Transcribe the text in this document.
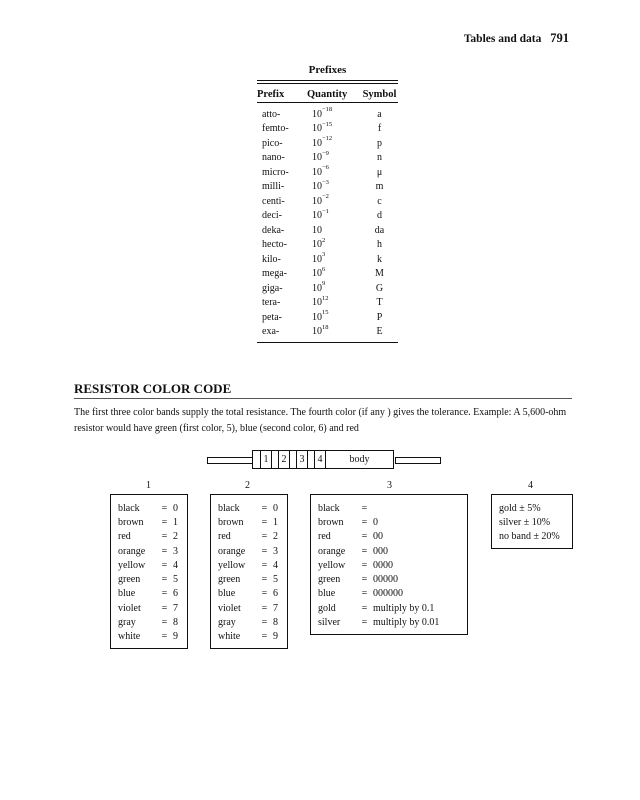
Tables and data 791
Prefixes
Prefix	Quantity	Symbol
atto-	$10^{-18}$	a
femto-	$10^{-15}$	f
pico-	$10^{-12}$	p
nano-	$10^{-9}$	n
micro-	$10^{-6}$	μ
milli-	$10^{-3}$	m
centi-	$10^{-2}$	c
deci-	$10^{-1}$	d
deka-	10	da
hecto-	$10^2$	h
kilo-	$10^3$	k
mega-	$10^6$	M
giga-	$10^9$	G
tera-	$10^{12}$	T
peta-	$10^{15}$	P
exa-	$10^{18}$	E
RESISTOR COLOR CODE
The first three color bands supply the total resistance. The fourth color (if any ) gives the tolerance. Example: A 5,600-ohm resistor would have green (first color, 5), blue (second color, 6) and red
1	2	3	4	body
1	2	3	4
black	= 0
brown	= 1
red	= 2
orange	= 3
yellow	= 4
green	= 5
blue	= 6
violet	= 7
gray	= 8
white	= 9
black	= 0
brown	= 1
red	= 2
orange	= 3
yellow	= 4
green	= 5
blue	= 6
violet	= 7
gray	= 8
white	= 9
black	=
brown	= 0
red	= 00
orange	= 000
yellow	= 0000
green	= 00000
blue	= 000000
gold	= multiply by 0.1
silver	= multiply by 0.01
gold ± 5%
silver ± 10%
no band ± 20%
